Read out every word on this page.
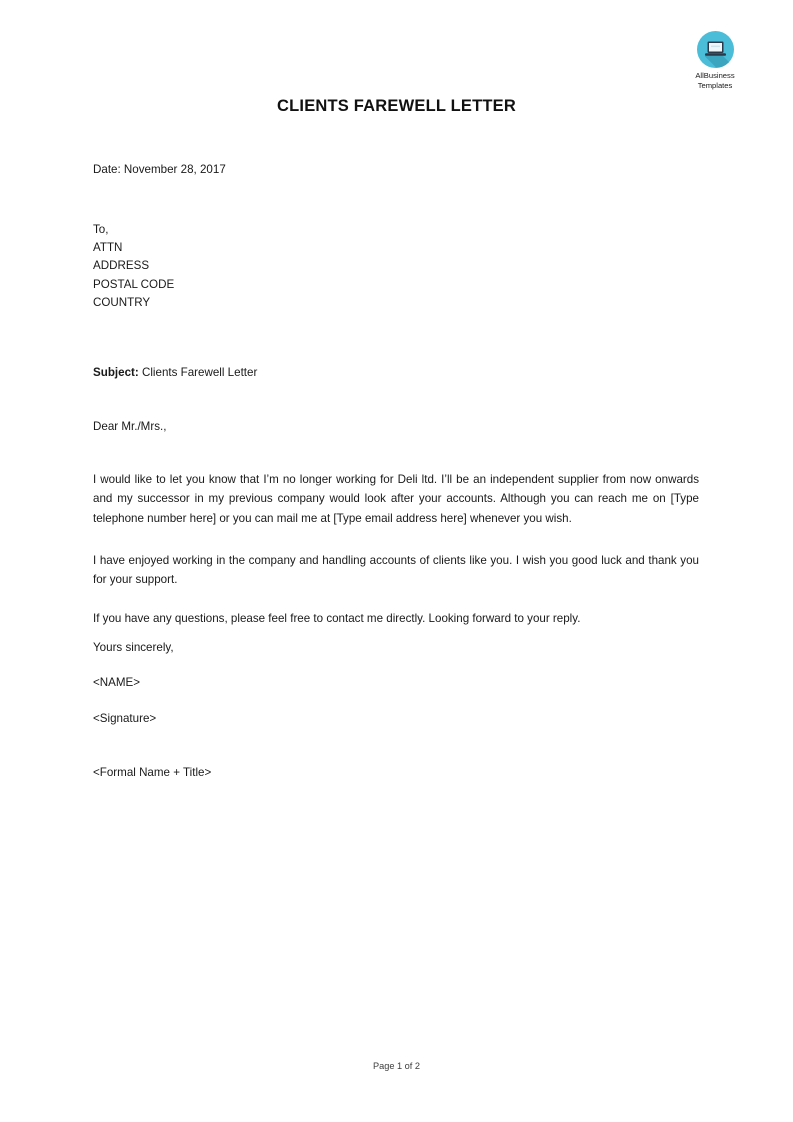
AllBusiness
Templates
CLIENTS FAREWELL LETTER
Date: November 28, 2017
To,
ATTN
ADDRESS
POSTAL CODE
COUNTRY
Subject: Clients Farewell Letter
Dear Mr./Mrs.,
I would like to let you know that I’m no longer working for Deli ltd. I’ll be an independent supplier from now onwards and my successor in my previous company would look after your accounts. Although you can reach me on [Type telephone number here] or you can mail me at [Type email address here] whenever you wish.
I have enjoyed working in the company and handling accounts of clients like you. I wish you good luck and thank you for your support.
If you have any questions, please feel free to contact me directly. Looking forward to your reply.
Yours sincerely,
<NAME>
<Signature>
<Formal Name + Title>
Page 1 of 2
